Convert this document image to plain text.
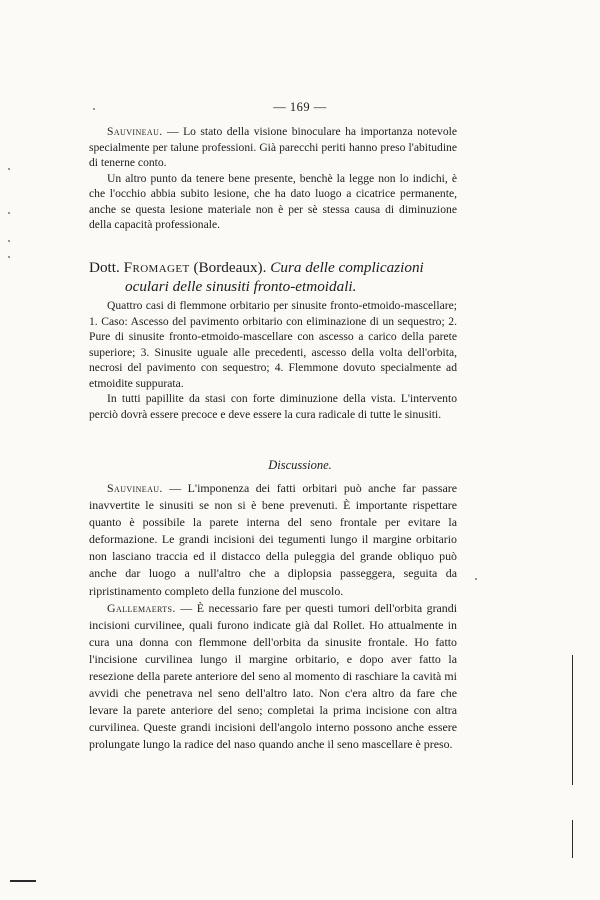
— 169 —

Sauvineau. — Lo stato della visione binoculare ha importanza notevole specialmente per talune professioni. Già parecchi periti hanno preso l'abitudine di tenerne conto.

Un altro punto da tenere bene presente, benchè la legge non lo indichi, è che l'occhio abbia subito lesione, che ha dato luogo a cicatrice permanente, anche se questa lesione materiale non è per sè stessa causa di diminuzione della capacità professionale.

Dott. Fromaget (Bordeaux). Cura delle complicazioni
oculari delle sinusiti fronto-etmoidali.

Quattro casi di flemmone orbitario per sinusite fronto-etmoido-mascellare; 1. Caso: Ascesso del pavimento orbitario con eliminazione di un sequestro; 2. Pure di sinusite fronto-etmoido-mascellare con ascesso a carico della parete superiore; 3. Sinusite uguale alle precedenti, ascesso della volta dell'orbita, necrosi del pavimento con sequestro; 4. Flemmone dovuto specialmente ad etmoidite suppurata.

In tutti papillite da stasi con forte diminuzione della vista. L'intervento perciò dovrà essere precoce e deve essere la cura radicale di tutte le sinusiti.

Discussione.

Sauvineau. — L'imponenza dei fatti orbitari può anche far passare inavvertite le sinusiti se non si è bene prevenuti. È importante rispettare quanto è possibile la parete interna del seno frontale per evitare la deformazione. Le grandi incisioni dei tegumenti lungo il margine orbitario non lasciano traccia ed il distacco della puleggia del grande obliquo può anche dar luogo a null'altro che a diplopsia passeggera, seguita da ripristinamento completo della funzione del muscolo.

Gallemaerts. — È necessario fare per questi tumori dell'orbita grandi incisioni curvilinee, quali furono indicate già dal Rollet. Ho attualmente in cura una donna con flemmone dell'orbita da sinusite frontale. Ho fatto l'incisione curvilinea lungo il margine orbitario, e dopo aver fatto la resezione della parete anteriore del seno al momento di raschiare la cavità mi avvidi che penetrava nel seno dell'altro lato. Non c'era altro da fare che levare la parete anteriore del seno; completai la prima incisione con altra curvilinea. Queste grandi incisioni dell'angolo interno possono anche essere prolungate lungo la radice del naso quando anche il seno mascellare è preso.
